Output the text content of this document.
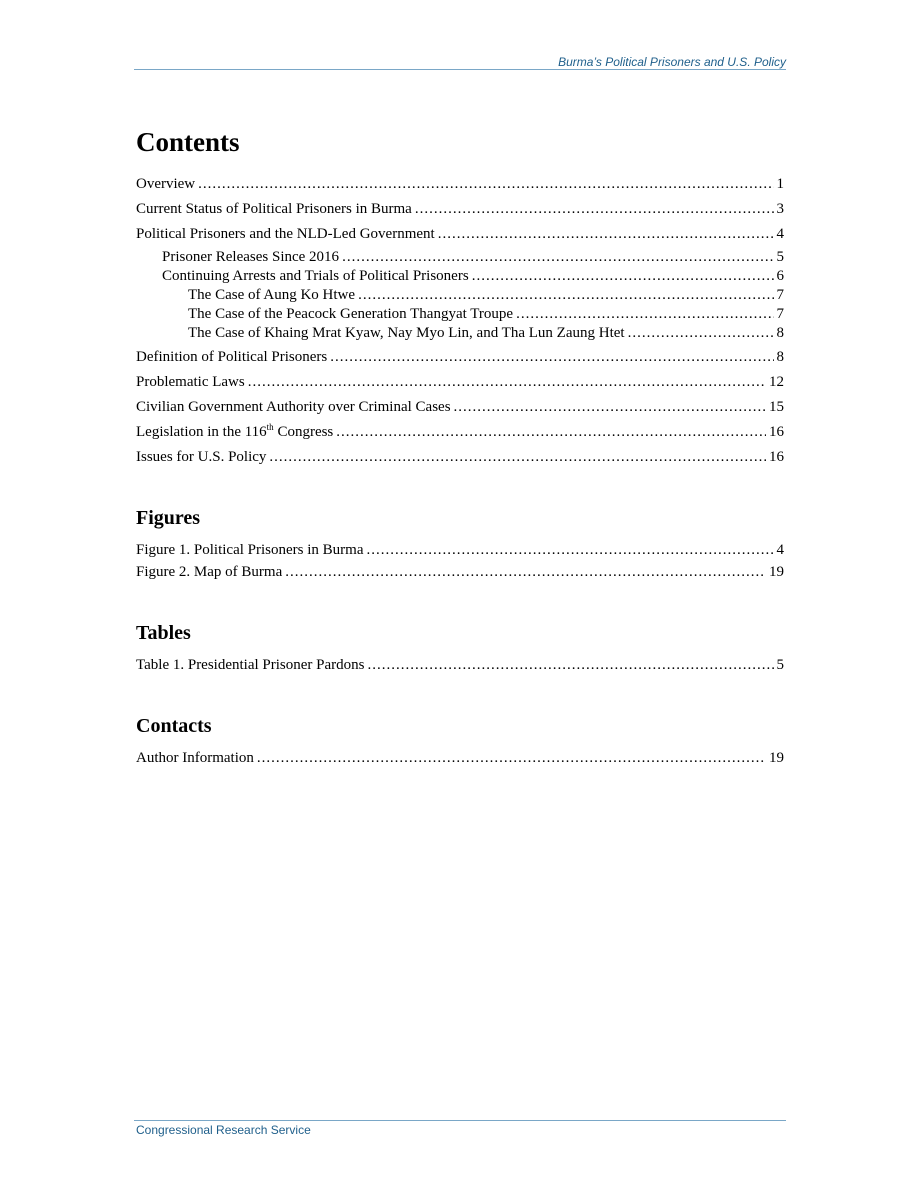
Burma’s Political Prisoners and U.S. Policy
Contents
Overview .....	1
Current Status of Political Prisoners in Burma .....	3
Political Prisoners and the NLD-Led Government .....	4
Prisoner Releases Since 2016 .....	5
Continuing Arrests and Trials of Political Prisoners .....	6
The Case of Aung Ko Htwe .....	7
The Case of the Peacock Generation Thangyat Troupe .....	7
The Case of Khaing Mrat Kyaw, Nay Myo Lin, and Tha Lun Zaung Htet .....	8
Definition of Political Prisoners .....	8
Problematic Laws .....	12
Civilian Government Authority over Criminal Cases .....	15
Legislation in the 116th Congress .....	16
Issues for U.S. Policy .....	16
Figures
Figure 1. Political Prisoners in Burma .....	4
Figure 2. Map of Burma .....	19
Tables
Table 1. Presidential Prisoner Pardons .....	5
Contacts
Author Information .....	19
Congressional Research Service
